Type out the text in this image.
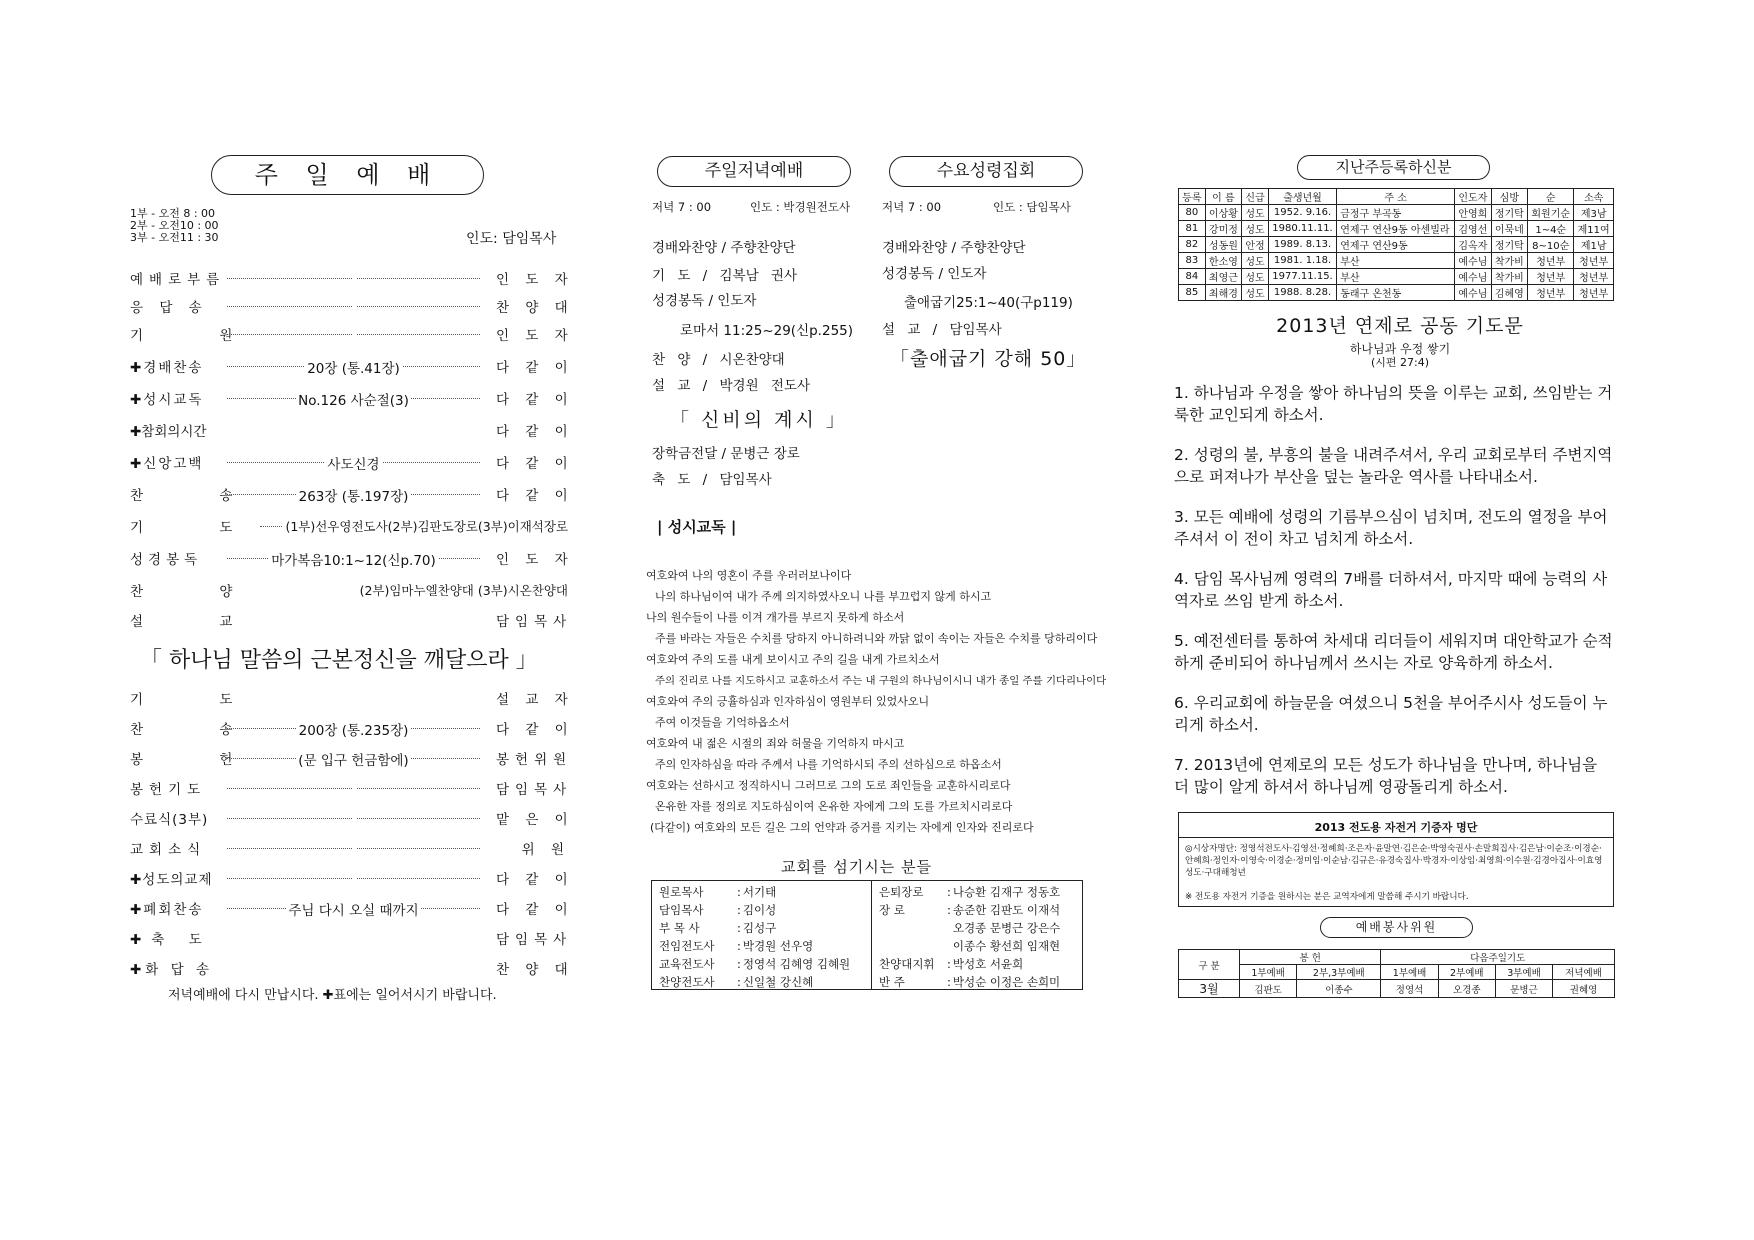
주 일 예 배
1부 - 오전 8 : 00
2부 - 오전10 : 00
3부 - 오전11 : 30	인도: 담임목사
예배로부름	인 도 자
응 답 송	찬 양 대
기 원	인 도 자
✚경배찬송	20장 (통.41장)	다 같 이
✚성시교독	No.126 사순절(3)	다 같 이
✚참회의시간	다 같 이
✚신앙고백	사도신경	다 같 이
찬 송	263장 (통.197장)	다 같 이
기 도 (1부)선우영전도사(2부)김판도장로(3부)이재석장로
성경봉독	마가복음10:1~12(신p.70)	인 도 자
찬 양	(2부)임마누엘찬양대 (3부)시온찬양대
설 교	담임목사
「 하나님 말씀의 근본정신을 깨달으라 」
기 도	설 교 자
찬 송	200장 (통.235장)	다 같 이
봉 헌	(문 입구 헌금함에)	봉헌위원
봉헌기도	담임목사
수료식(3부)	맡 은 이
교회소식	위 원
✚성도의교제	다 같 이
✚폐회찬송	주님 다시 오실 때까지	다 같 이
✚축 도	담임목사
✚화 답 송	찬 양 대
저녁예배에 다시 만납시다. ✚표에는 일어서시기 바랍니다.
주일저녁예배	수요성령집회
저녁 7 : 00	인도 : 박경원전도사
경배와찬양 / 주향찬양단
기 도 / 김복남 권사
성경봉독 / 인도자
로마서 11:25~29(신p.255)
찬 양 / 시온찬양대
설 교 / 박경원 전도사
「 신비의 계시 」
장학금전달 / 문병근 장로
축 도 / 담임목사
저녁 7 : 00	인도 : 담임목사
경배와찬양 / 주향찬양단
성경봉독 / 인도자
출애굽기25:1~40(구p119)
설 교 / 담임목사
「출애굽기 강해 50」
| 성시교독 |
여호와여 나의 영혼이 주를 우러러보나이다
나의 하나님이여 내가 주께 의지하였사오니 나를 부끄럽지 않게 하시고
나의 원수들이 나를 이겨 개가를 부르지 못하게 하소서
주를 바라는 자들은 수치를 당하지 아니하려니와 까닭 없이 속이는 자들은 수치를 당하리이다
여호와여 주의 도를 내게 보이시고 주의 길을 내게 가르치소서
주의 진리로 나를 지도하시고 교훈하소서 주는 내 구원의 하나님이시니 내가 종일 주를 기다리나이다
여호와여 주의 긍휼하심과 인자하심이 영원부터 있었사오니
주여 이것들을 기억하옵소서
여호와여 내 젊은 시절의 죄와 허물을 기억하지 마시고
주의 인자하심을 따라 주께서 나를 기억하시되 주의 선하심으로 하옵소서
여호와는 선하시고 정직하시니 그러므로 그의 도로 죄인들을 교훈하시리로다
온유한 자를 정의로 지도하심이여 온유한 자에게 그의 도를 가르치시리로다
(다같이) 여호와의 모든 길은 그의 언약과 증거를 지키는 자에게 인자와 진리로다
교회를 섬기시는 분들
원로목사	:	서기태
담임목사	:	김이성
부 목 사	:	김성구
전임전도사	:	박경원 선우영
교육전도사	:	정영석 김혜영 김혜원
찬양전도사	:	신일철 강신혜
은퇴장로	:	나승환 김재구 정동호
장 로	:	송준한 김판도 이재석
		오경종 문병근 강은수
		이종수 황선희 임재현
찬양대지휘	:	박성호 서윤희
반 주	:	박성순 이정은 손희미
지난주등록하신분
등록	이 름	신급	출생년월	주 소	인도자	심방	순	소속
80	이상황	성도	1952. 9.16.	금정구 부곡동	안영희	정기탁	회원기순	제3남
81	강미정	성도	1980.11.11.	연제구 연산9동 아센빌라	김영선	이묵네	1~4순	제11여
82	성동원	안정	1989. 8.13.	연제구 연산9동	김옥자	정기탁	8~10순	제1남
83	한소영	성도	1981. 1.18.	부산	예수님	착가비	청년부	청년부
84	최영근	성도	1977.11.15.	부산	예수님	착가비	청년부	청년부
85	최해경	성도	1988. 8.28.	동래구 온천동	예수님	김혜영	청년부	청년부
2013년 연제로 공동 기도문
하나님과 우정 쌓기
(시편 27:4)
1. 하나님과 우정을 쌓아 하나님의 뜻을 이루는 교회, 쓰임받는 거룩한 교인되게 하소서.
2. 성령의 불, 부흥의 불을 내려주셔서, 우리 교회로부터 주변지역으로 퍼져나가 부산을 덮는 놀라운 역사를 나타내소서.
3. 모든 예배에 성령의 기름부으심이 넘치며, 전도의 열정을 부어주셔서 이 전이 차고 넘치게 하소서.
4. 담임 목사님께 영력의 7배를 더하셔서, 마지막 때에 능력의 사역자로 쓰임 받게 하소서.
5. 예전센터를 통하여 차세대 리더들이 세워지며 대안학교가 순적하게 준비되어 하나님께서 쓰시는 자로 양육하게 하소서.
6. 우리교회에 하늘문을 여셨으니 5천을 부어주시사 성도들이 누리게 하소서.
7. 2013년에 연제로의 모든 성도가 하나님을 만나며, 하나님을 더 많이 알게 하셔서 하나님께 영광돌리게 하소서.
2013 전도용 자전거 기증자 명단
◎시상자명단: 정영석전도사·김영선·정혜희·조은자·윤말연·김은순·박영숙권사·손말희집사·김은남·이순조·이경순·안혜희·정인자·이영숙·이경순·정미임·이순남·김규은·유경숙집사·박경자·이상임·최영희·이수원·김경아집사·이효영성도·구대해청년
※ 전도용 자전거 기증을 원하시는 분은 교역자에게 말씀해 주시기 바랍니다.
예배봉사위원
구 분	봉 헌		다음주일기도			
	1부예배	2부,3부예배	1부예배	2부예배	3부예배	저녁예배
3월	김판도	이종수	정영석	오경종	문병근	권혜영
